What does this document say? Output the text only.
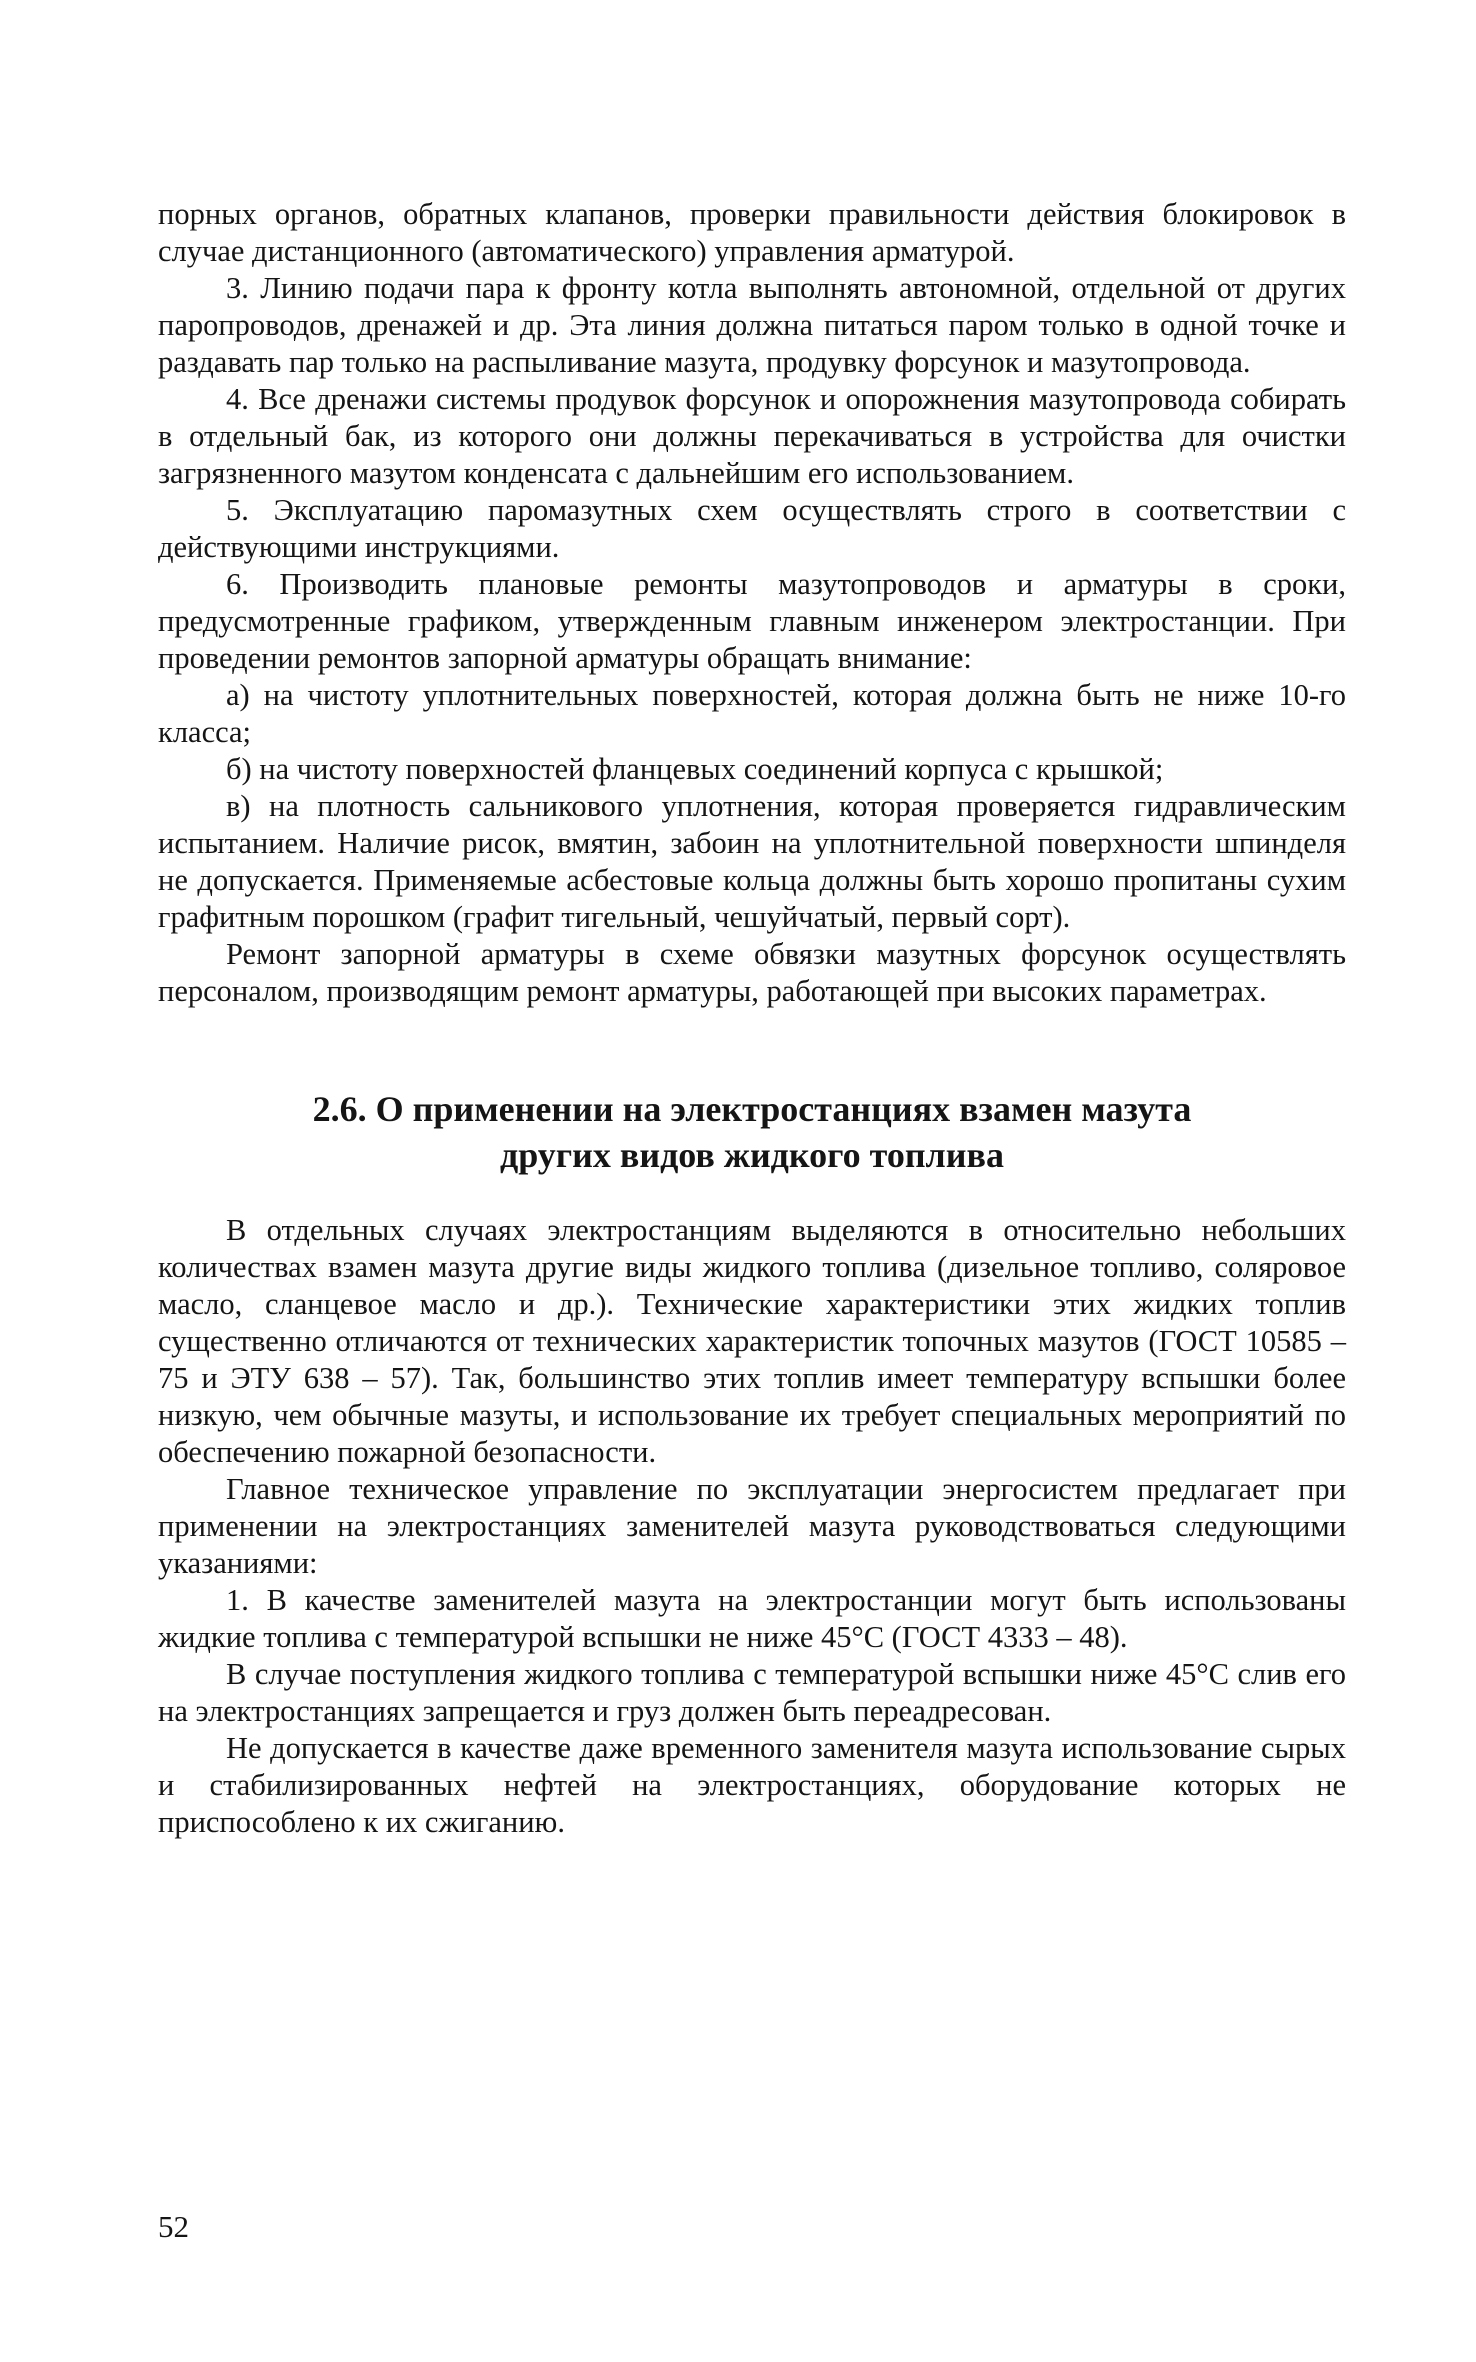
порных органов, обратных клапанов, проверки правильности действия блокировок в случае дистанционного (автоматического) управления арматурой.

3. Линию подачи пара к фронту котла выполнять автономной, отдельной от других паропроводов, дренажей и др. Эта линия должна питаться паром только в одной точке и раздавать пар только на распыливание мазута, продувку форсунок и мазутопровода.

4. Все дренажи системы продувок форсунок и опорожнения мазутопровода собирать в отдельный бак, из которого они должны перекачиваться в устройства для очистки загрязненного мазутом конденсата с дальнейшим его использованием.

5. Эксплуатацию паромазутных схем осуществлять строго в соответствии с действующими инструкциями.

6. Производить плановые ремонты мазутопроводов и арматуры в сроки, предусмотренные графиком, утвержденным главным инженером электростанции. При проведении ремонтов запорной арматуры обращать внимание:

а) на чистоту уплотнительных поверхностей, которая должна быть не ниже 10-го класса;

б) на чистоту поверхностей фланцевых соединений корпуса с крышкой;

в) на плотность сальникового уплотнения, которая проверяется гидравлическим испытанием. Наличие рисок, вмятин, забоин на уплотнительной поверхности шпинделя не допускается. Применяемые асбестовые кольца должны быть хорошо пропитаны сухим графитным порошком (графит тигельный, чешуйчатый, первый сорт).

Ремонт запорной арматуры в схеме обвязки мазутных форсунок осуществлять персоналом, производящим ремонт арматуры, работающей при высоких параметрах.

2.6. О применении на электростанциях взамен мазута
других видов жидкого топлива

В отдельных случаях электростанциям выделяются в относительно небольших количествах взамен мазута другие виды жидкого топлива (дизельное топливо, соляровое масло, сланцевое масло и др.). Технические характеристики этих жидких топлив существенно отличаются от технических характеристик топочных мазутов (ГОСТ 10585 – 75 и ЭТУ 638 – 57). Так, большинство этих топлив имеет температуру вспышки более низкую, чем обычные мазуты, и использование их требует специальных мероприятий по обеспечению пожарной безопасности.

Главное техническое управление по эксплуатации энергосистем предлагает при применении на электростанциях заменителей мазута руководствоваться следующими указаниями:

1. В качестве заменителей мазута на электростанции могут быть использованы жидкие топлива с температурой вспышки не ниже 45°С (ГОСТ 4333 – 48).

В случае поступления жидкого топлива с температурой вспышки ниже 45°С слив его на электростанциях запрещается и груз должен быть переадресован.

Не допускается в качестве даже временного заменителя мазута использование сырых и стабилизированных нефтей на электростанциях, оборудование которых не приспособлено к их сжиганию.

52
